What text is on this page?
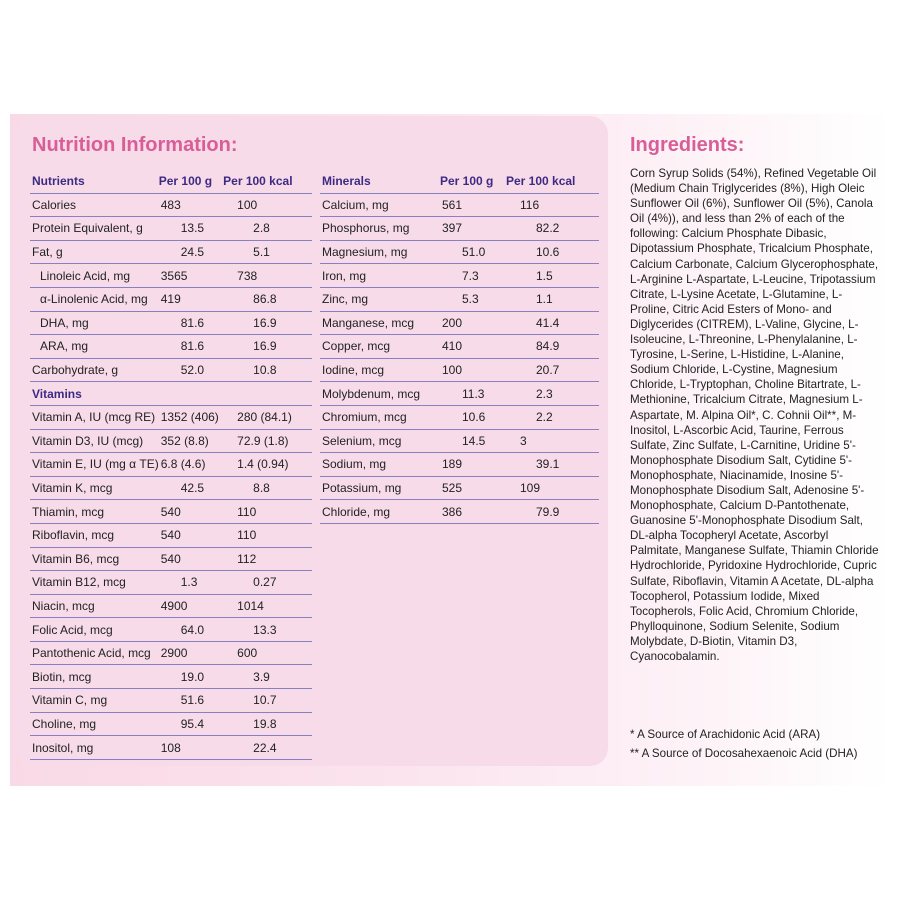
Nutrition Information:
Nutrients	Per 100 g	Per 100 kcal
Calories	483	100
Protein Equivalent, g	13.5	2.8
Fat, g	24.5	5.1
Linoleic Acid, mg	3565	738
α-Linolenic Acid, mg	419	86.8
DHA, mg	81.6	16.9
ARA, mg	81.6	16.9
Carbohydrate, g	52.0	10.8
Vitamins		
Vitamin A, IU (mcg RE)	1352 (406)	280 (84.1)
Vitamin D3, IU (mcg)	352 (8.8)	72.9 (1.8)
Vitamin E, IU (mg α TE)	6.8 (4.6)	1.4 (0.94)
Vitamin K, mcg	42.5	8.8
Thiamin, mcg	540	110
Riboflavin, mcg	540	110
Vitamin B6, mcg	540	112
Vitamin B12, mcg	1.3	0.27
Niacin, mcg	4900	1014
Folic Acid, mcg	64.0	13.3
Pantothenic Acid, mcg	2900	600
Biotin, mcg	19.0	3.9
Vitamin C, mg	51.6	10.7
Choline, mg	95.4	19.8
Inositol, mg	108	22.4
Minerals	Per 100 g	Per 100 kcal
Calcium, mg	561	116
Phosphorus, mg	397	82.2
Magnesium, mg	51.0	10.6
Iron, mg	7.3	1.5
Zinc, mg	5.3	1.1
Manganese, mcg	200	41.4
Copper, mcg	410	84.9
Iodine, mcg	100	20.7
Molybdenum, mcg	11.3	2.3
Chromium, mcg	10.6	2.2
Selenium, mcg	14.5	3
Sodium, mg	189	39.1
Potassium, mg	525	109
Chloride, mg	386	79.9
Ingredients:

Corn Syrup Solids (54%), Refined Vegetable Oil (Medium Chain Triglycerides (8%), High Oleic Sunflower Oil (6%), Sunflower Oil (5%), Canola Oil (4%)), and less than 2% of each of the following: Calcium Phosphate Dibasic, Dipotassium Phosphate, Tricalcium Phosphate, Calcium Carbonate, Calcium Glycerophosphate, L-Arginine L-Aspartate, L-Leucine, Tripotassium Citrate, L-Lysine Acetate, L-Glutamine, L-Proline, Citric Acid Esters of Mono- and Diglycerides (CITREM), L-Valine, Glycine, L-Isoleucine, L-Threonine, L-Phenylalanine, L-Tyrosine, L-Serine, L-Histidine, L-Alanine, Sodium Chloride, L-Cystine, Magnesium Chloride, L-Tryptophan, Choline Bitartrate, L-Methionine, Tricalcium Citrate, Magnesium L-Aspartate, M. Alpina Oil*, C. Cohnii Oil**, M-Inositol, L-Ascorbic Acid, Taurine, Ferrous Sulfate, Zinc Sulfate, L-Carnitine, Uridine 5'-Monophosphate Disodium Salt, Cytidine 5'-Monophosphate, Niacinamide, Inosine 5'-Monophosphate Disodium Salt, Adenosine 5'-Monophosphate, Calcium D-Pantothenate, Guanosine 5'-Monophosphate Disodium Salt, DL-alpha Tocopheryl Acetate, Ascorbyl Palmitate, Manganese Sulfate, Thiamin Chloride Hydrochloride, Pyridoxine Hydrochloride, Cupric Sulfate, Riboflavin, Vitamin A Acetate, DL-alpha Tocopherol, Potassium Iodide, Mixed Tocopherols, Folic Acid, Chromium Chloride, Phylloquinone, Sodium Selenite, Sodium Molybdate, D-Biotin, Vitamin D3, Cyanocobalamin.

* A Source of Arachidonic Acid (ARA)
** A Source of Docosahexaenoic Acid (DHA)
